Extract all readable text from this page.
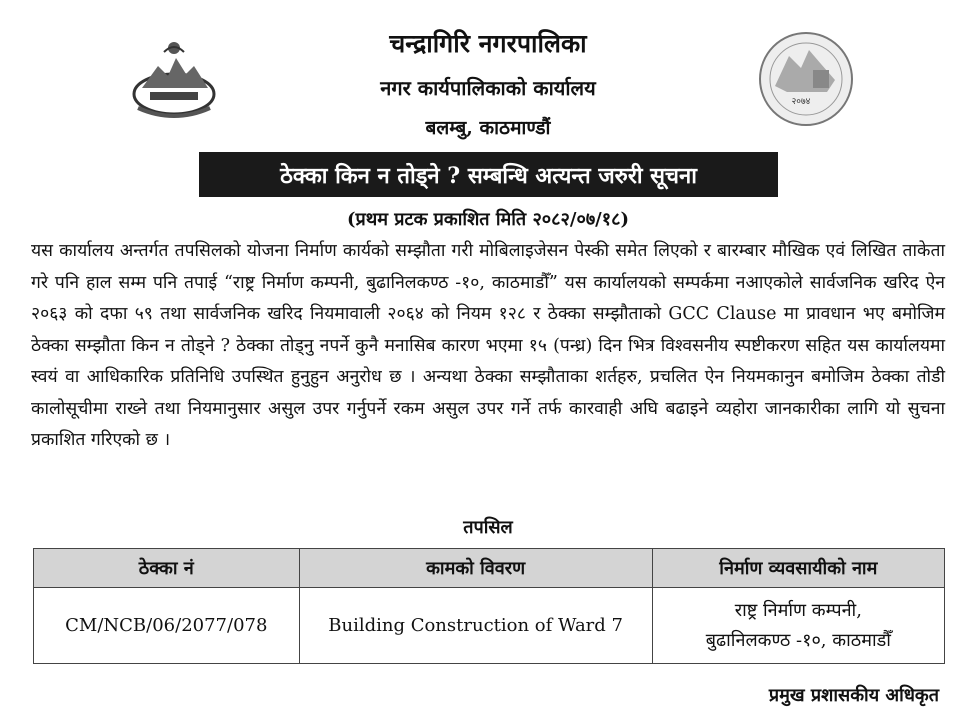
चन्द्रागिरि नगरपालिका
नगर कार्यपालिकाको कार्यालय
बलम्बु, काठमाण्डौं
२०७४
ठेक्का किन न तोड्ने ? सम्बन्धि अत्यन्त जरुरी सूचना
(प्रथम प्रटक प्रकाशित मिति २०८२/०७/१८)
यस कार्यालय अन्तर्गत तपसिलको योजना निर्माण कार्यको सम्झौता गरी मोबिलाइजेसन पेस्की समेत लिएको र बारम्बार मौखिक एवं लिखित ताकेता गरे पनि हाल सम्म पनि तपाई “राष्ट्र निर्माण कम्पनी, बुढानिलकण्ठ -१०, काठमाडौँ” यस कार्यालयको सम्पर्कमा नआएकोले सार्वजनिक खरिद ऐन २०६३ को दफा ५९ तथा सार्वजनिक खरिद नियमावाली २०६४ को नियम १२८ र ठेक्का सम्झौताको GCC Clause मा प्रावधान भए बमोजिम ठेक्का सम्झौता किन न तोड्ने ? ठेक्का तोड्नु नपर्ने कुनै मनासिब कारण भएमा १५ (पन्ध्र) दिन भित्र विश्वसनीय स्पष्टीकरण सहित यस कार्यालयमा स्वयं वा आधिकारिक प्रतिनिधि उपस्थित हुनुहुन अनुरोध छ । अन्यथा ठेक्का सम्झौताका शर्तहरु, प्रचलित ऐन नियमकानुन बमोजिम ठेक्का तोडी कालोसूचीमा राख्ने तथा नियमानुसार असुल उपर गर्नुपर्ने रकम असुल उपर गर्ने तर्फ कारवाही अघि बढाइने व्यहोरा जानकारीका लागि यो सुचना प्रकाशित गरिएको छ ।
तपसिल
ठेक्का नं	कामको विवरण	निर्माण व्यवसायीको नाम
CM/NCB/06/2077/078	Building Construction of Ward 7	राष्ट्र निर्माण कम्पनी,
बुढानिलकण्ठ -१०, काठमाडौँ
प्रमुख प्रशासकीय अधिकृत
